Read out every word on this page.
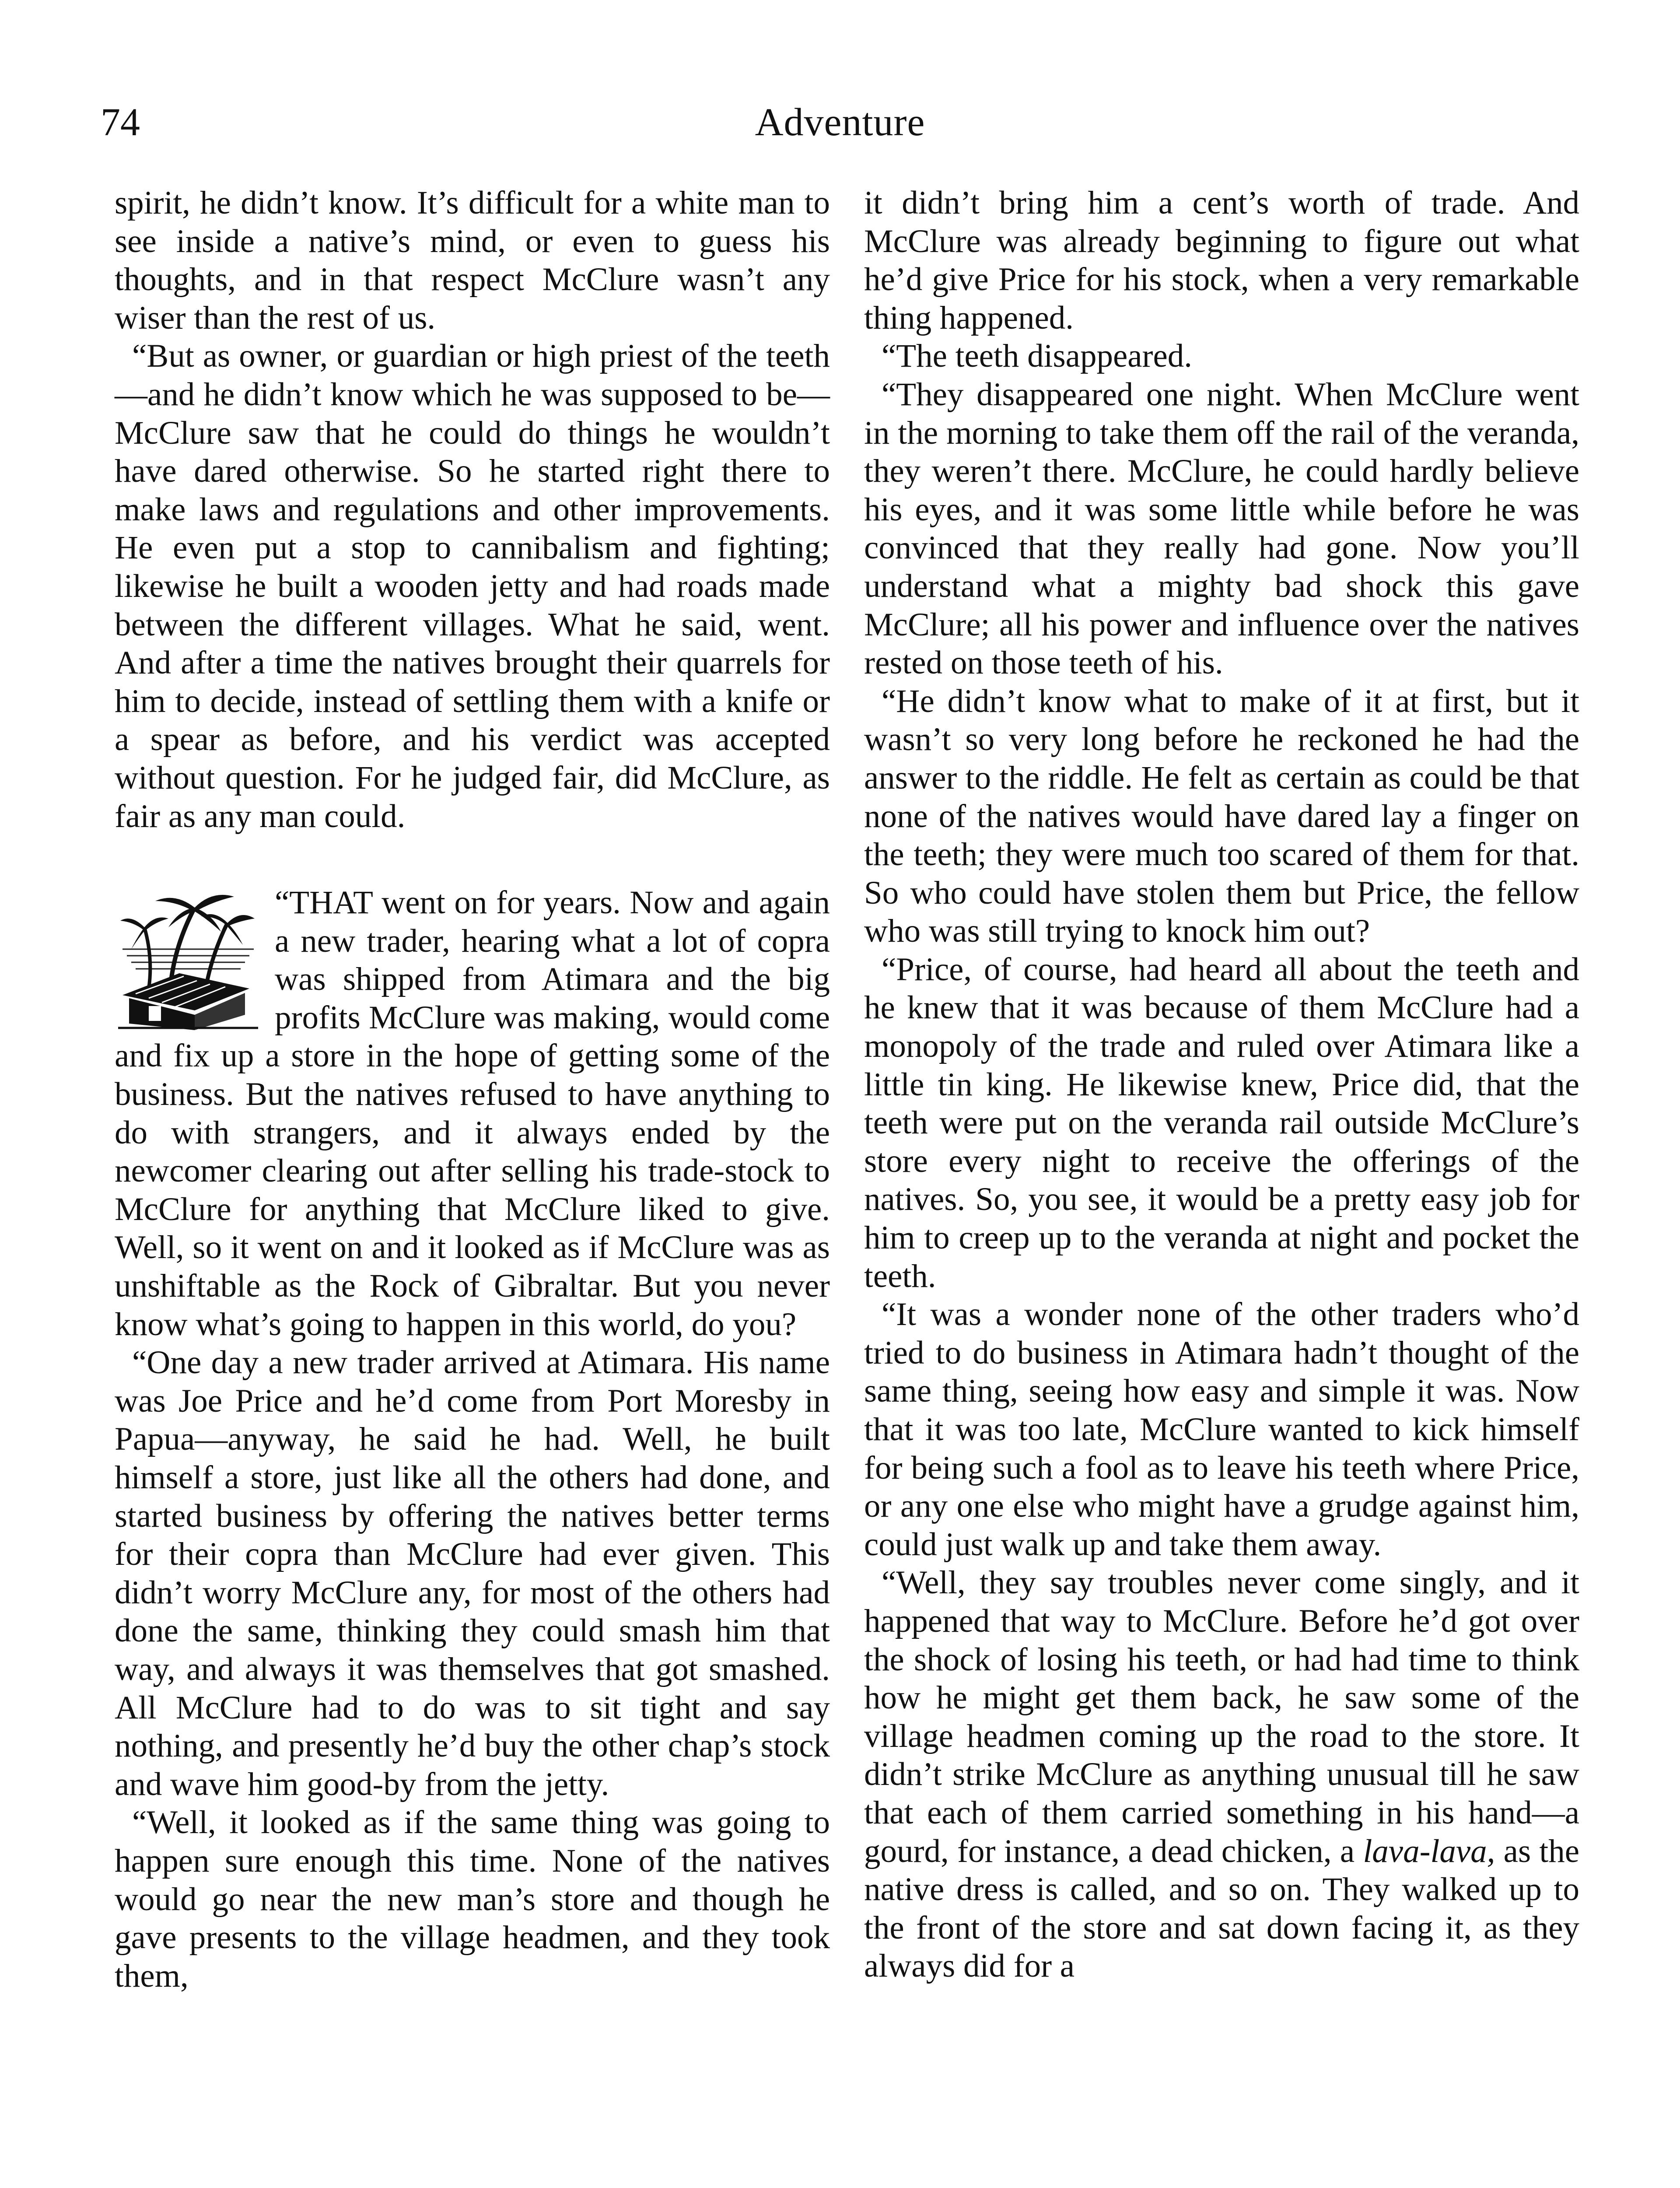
74	Adventure

spirit, he didn’t know. It’s difficult for a white man to see inside a native’s mind, or even to guess his thoughts, and in that respect McClure wasn’t any wiser than the rest of us.

“But as owner, or guardian or high priest of the teeth—and he didn’t know which he was supposed to be—McClure saw that he could do things he wouldn’t have dared otherwise. So he started right there to make laws and regulations and other improvements. He even put a stop to cannibalism and fighting; likewise he built a wooden jetty and had roads made between the different villages. What he said, went. And after a time the natives brought their quarrels for him to decide, instead of settling them with a knife or a spear as before, and his verdict was accepted without question. For he judged fair, did McClure, as fair as any man could.

“THAT went on for years. Now and again a new trader, hearing what a lot of copra was shipped from Atimara and the big profits McClure was making, would come and fix up a store in the hope of getting some of the business. But the natives refused to have anything to do with strangers, and it always ended by the newcomer clearing out after selling his trade-stock to McClure for anything that McClure liked to give. Well, so it went on and it looked as if McClure was as unshiftable as the Rock of Gibraltar. But you never know what’s going to happen in this world, do you?

“One day a new trader arrived at Atimara. His name was Joe Price and he’d come from Port Moresby in Papua—anyway, he said he had. Well, he built himself a store, just like all the others had done, and started business by offering the natives better terms for their copra than McClure had ever given. This didn’t worry McClure any, for most of the others had done the same, thinking they could smash him that way, and always it was themselves that got smashed. All McClure had to do was to sit tight and say nothing, and presently he’d buy the other chap’s stock and wave him good-by from the jetty.

“Well, it looked as if the same thing was going to happen sure enough this time. None of the natives would go near the new man’s store and though he gave presents to the village headmen, and they took them,

it didn’t bring him a cent’s worth of trade. And McClure was already beginning to figure out what he’d give Price for his stock, when a very remarkable thing happened.

“The teeth disappeared.

“They disappeared one night. When McClure went in the morning to take them off the rail of the veranda, they weren’t there. McClure, he could hardly believe his eyes, and it was some little while before he was convinced that they really had gone. Now you’ll understand what a mighty bad shock this gave McClure; all his power and influence over the natives rested on those teeth of his.

“He didn’t know what to make of it at first, but it wasn’t so very long before he reckoned he had the answer to the riddle. He felt as certain as could be that none of the natives would have dared lay a finger on the teeth; they were much too scared of them for that. So who could have stolen them but Price, the fellow who was still trying to knock him out?

“Price, of course, had heard all about the teeth and he knew that it was because of them McClure had a monopoly of the trade and ruled over Atimara like a little tin king. He likewise knew, Price did, that the teeth were put on the veranda rail outside McClure’s store every night to receive the offerings of the natives. So, you see, it would be a pretty easy job for him to creep up to the veranda at night and pocket the teeth.

“It was a wonder none of the other traders who’d tried to do business in Atimara hadn’t thought of the same thing, seeing how easy and simple it was. Now that it was too late, McClure wanted to kick himself for being such a fool as to leave his teeth where Price, or any one else who might have a grudge against him, could just walk up and take them away.

“Well, they say troubles never come singly, and it happened that way to McClure. Before he’d got over the shock of losing his teeth, or had had time to think how he might get them back, he saw some of the village headmen coming up the road to the store. It didn’t strike McClure as anything unusual till he saw that each of them carried something in his hand—a gourd, for instance, a dead chicken, a lava-lava, as the native dress is called, and so on. They walked up to the front of the store and sat down facing it, as they always did for a
